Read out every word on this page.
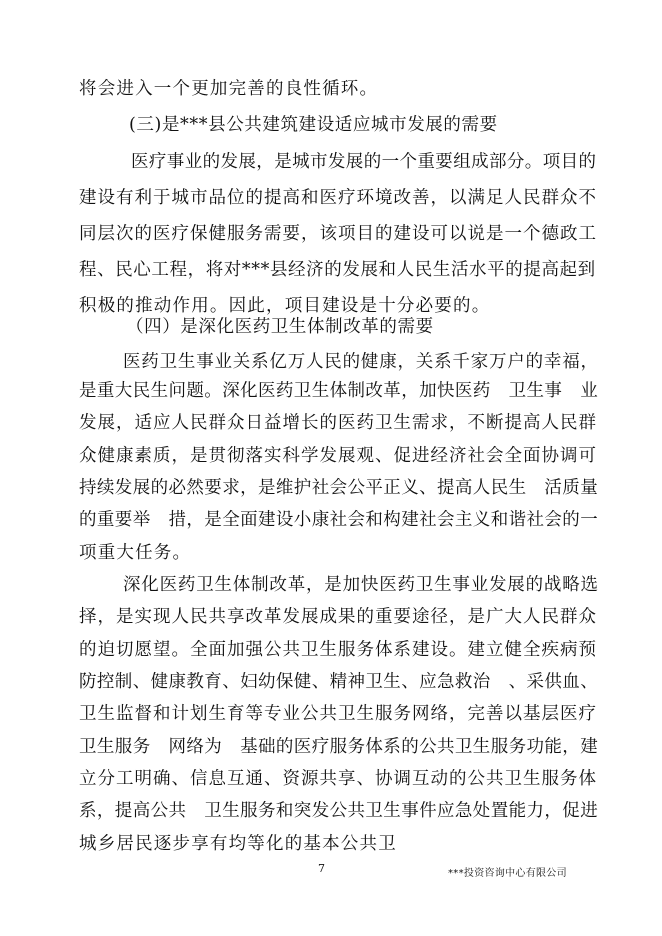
将会进入一个更加完善的良性循环。
(三)是***县公共建筑建设适应城市发展的需要
医疗事业的发展，是城市发展的一个重要组成部分。项目的
建设有利于城市品位的提高和医疗环境改善，以满足人民群众不
同层次的医疗保健服务需要，该项目的建设可以说是一个德政工
程、民心工程，将对***县经济的发展和人民生活水平的提高起到
积极的推动作用。因此，项目建设是十分必要的。
（四）是深化医药卫生体制改革的需要
医药卫生事业关系亿万人民的健康，关系千家万户的幸福，
是重大民生问题。深化医药卫生体制改革，加快医药　卫生事　业
发展，适应人民群众日益增长的医药卫生需求，不断提高人民群
众健康素质，是贯彻落实科学发展观、促进经济社会全面协调可
持续发展的必然要求，是维护社会公平正义、提高人民生　活质量
的重要举　措，是全面建设小康社会和构建社会主义和谐社会的一
项重大任务。
深化医药卫生体制改革，是加快医药卫生事业发展的战略选
择，是实现人民共享改革发展成果的重要途径，是广大人民群众
的迫切愿望。全面加强公共卫生服务体系建设。建立健全疾病预
防控制、健康教育、妇幼保健、精神卫生、应急救治　、采供血、
卫生监督和计划生育等专业公共卫生服务网络，完善以基层医疗
卫生服务　网络为　基础的医疗服务体系的公共卫生服务功能，建
立分工明确、信息互通、资源共享、协调互动的公共卫生服务体
系，提高公共　卫生服务和突发公共卫生事件应急处置能力，促进
城乡居民逐步享有均等化的基本公共卫
7	***投资咨询中心有限公司
